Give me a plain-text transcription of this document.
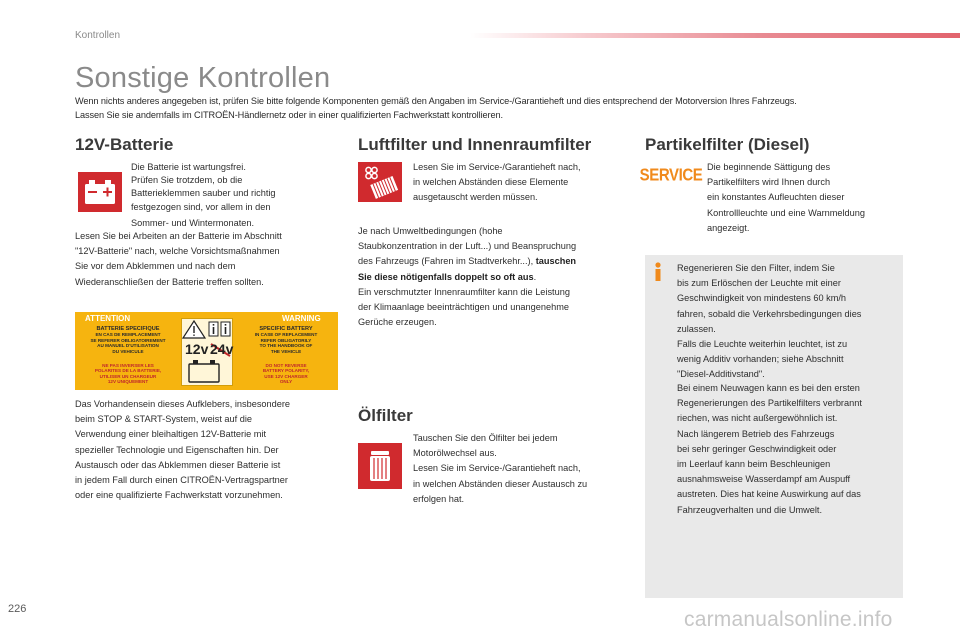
Kontrollen
Sonstige Kontrollen
Wenn nichts anderes angegeben ist, prüfen Sie bitte folgende Komponenten gemäß den Angaben im Service-/Garantieheft und dies entsprechend der Motorversion Ihres Fahrzeugs.
Lassen Sie sie andernfalls im CITROËN-Händlernetz oder in einer qualifizierten Fachwerkstatt kontrollieren.
12V-Batterie
Die Batterie ist wartungsfrei.
Prüfen Sie trotzdem, ob die
Batterieklemmen sauber und richtig
festgezogen sind, vor allem in den
Sommer- und Wintermonaten.
Lesen Sie bei Arbeiten an der Batterie im Abschnitt
"12V-Batterie" nach, welche Vorsichtsmaßnahmen
Sie vor dem Abklemmen und nach dem
Wiederanschließen der Batterie treffen sollten.
ATTENTION	WARNING
BATTERIE SPECIFIQUE
EN CAS DE REMPLACEMENT
SE REFERER OBLIGATOIREMENT
AU MANUEL D'UTILISATION
DU VEHICULE
NE PAS INVERSER LES
POLARITES DE LA BATTERIE,
UTILISER UN CHARGEUR
12V UNIQUEMENT
12v 24v
SPECIFIC BATTERY
IN CASE OF REPLACEMENT
REFER OBLIGATORILY
TO THE HANDBOOK OF
THE VEHICLE
DO NOT REVERSE
BATTERY POLARITY,
USE 12V CHARGER
ONLY
Das Vorhandensein dieses Aufklebers, insbesondere
beim STOP & START-System, weist auf die
Verwendung einer bleihaltigen 12V-Batterie mit
spezieller Technologie und Eigenschaften hin. Der
Austausch oder das Abklemmen dieser Batterie ist
in jedem Fall durch einen CITROËN-Vertragspartner
oder eine qualifizierte Fachwerkstatt vorzunehmen.
Luftfilter und Innenraumfilter
Lesen Sie im Service-/Garantieheft nach,
in welchen Abständen diese Elemente
ausgetauscht werden müssen.
Je nach Umweltbedingungen (hohe
Staubkonzentration in der Luft...) und Beanspruchung
des Fahrzeugs (Fahren im Stadtverkehr...), tauschen
Sie diese nötigenfalls doppelt so oft aus.
Ein verschmutzter Innenraumfilter kann die Leistung
der Klimaanlage beeinträchtigen und unangenehme
Gerüche erzeugen.
Ölfilter
Tauschen Sie den Ölfilter bei jedem
Motorölwechsel aus.
Lesen Sie im Service-/Garantieheft nach,
in welchen Abständen dieser Austausch zu
erfolgen hat.
Partikelfilter (Diesel)
SERVICE Die beginnende Sättigung des
Partikelfilters wird Ihnen durch
ein konstantes Aufleuchten dieser
Kontrollleuchte und eine Warnmeldung
angezeigt.
Regenerieren Sie den Filter, indem Sie
bis zum Erlöschen der Leuchte mit einer
Geschwindigkeit von mindestens 60 km/h
fahren, sobald die Verkehrsbedingungen dies
zulassen.
Falls die Leuchte weiterhin leuchtet, ist zu
wenig Additiv vorhanden; siehe Abschnitt
"Diesel-Additivstand".
Bei einem Neuwagen kann es bei den ersten
Regenerierungen des Partikelfilters verbrannt
riechen, was nicht außergewöhnlich ist.
Nach längerem Betrieb des Fahrzeugs
bei sehr geringer Geschwindigkeit oder
im Leerlauf kann beim Beschleunigen
ausnahmsweise Wasserdampf am Auspuff
austreten. Dies hat keine Auswirkung auf das
Fahrzeugverhalten und die Umwelt.
226	carmanualsonline.info
